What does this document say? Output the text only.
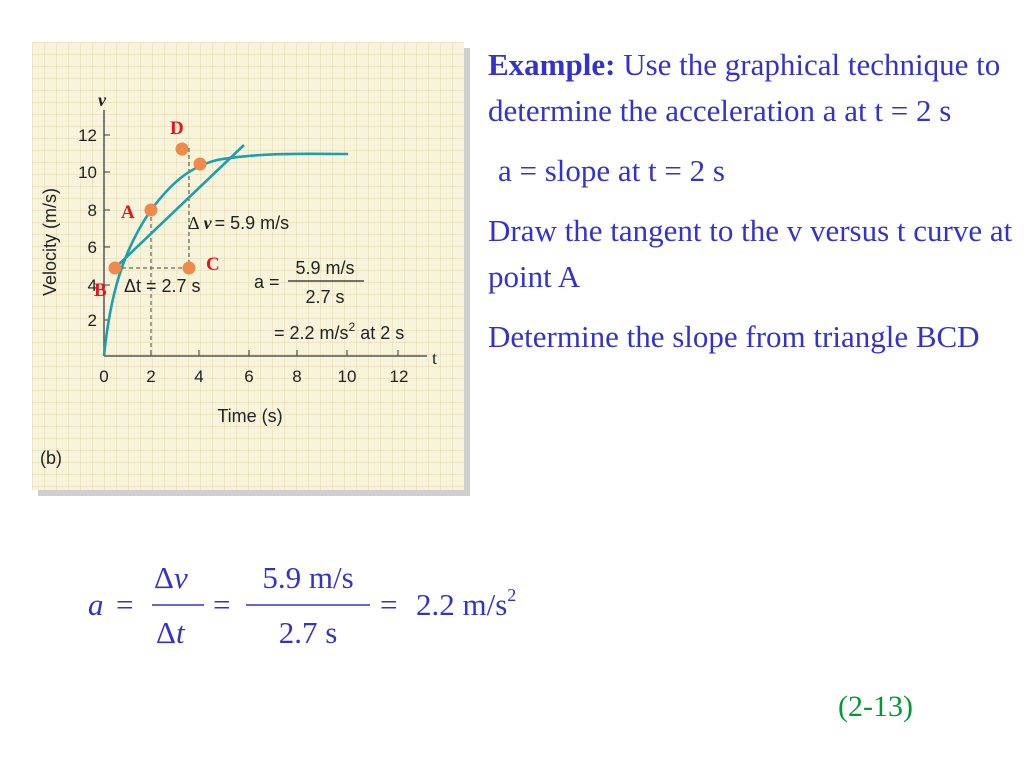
2
4
6
8
10
12
0 2 4 6 8 10 12
v
t
Velocity (m/s)
Time (s)
(b)
A
B
C
D
Δ v = 5.9 m/s
Δt = 2.7 s	a =
5.9 m/s
2.7 s
= 2.2 $m/s^2$ at 2 s

Example: Use the graphical technique to determine the acceleration a at t = 2 s

a = slope at t = 2 s

Draw the tangent to the v versus t curve at point A

Determine the slope from triangle BCD

a =
Δv
Δt
=
5.9 m/s
2.7 s
= 2.2 $m/s^2$
(2-13)
